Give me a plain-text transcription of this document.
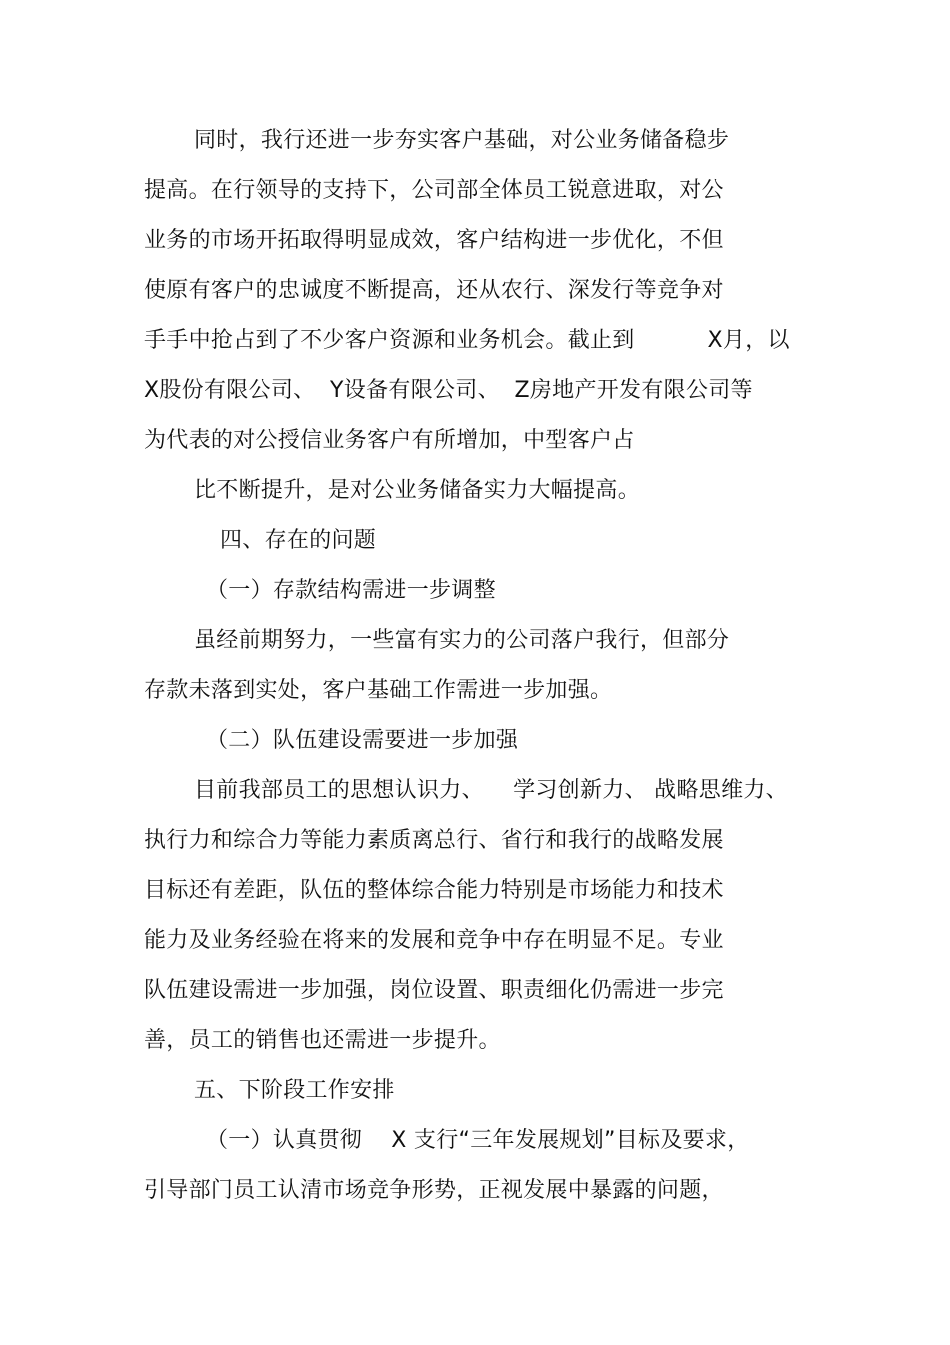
同时，我行还进一步夯实客户基础，对公业务储备稳步
提高。在行领导的支持下，公司部全体员工锐意进取，对公
业务的市场开拓取得明显成效，客户结构进一步优化，不但
使原有客户的忠诚度不断提高，还从农行、深发行等竞争对
手手中抢占到了不少客户资源和业务机会。截止到          X月，以
X股份有限公司、  Y设备有限公司、  Z房地产开发有限公司等
为代表的对公授信业务客户有所增加，中型客户占
比不断提升，是对公业务储备实力大幅提高。
四、存在的问题
（一）存款结构需进一步调整
虽经前期努力，一些富有实力的公司落户我行，但部分
存款未落到实处，客户基础工作需进一步加强。
（二）队伍建设需要进一步加强
目前我部员工的思想认识力、    学习创新力、 战略思维力、
执行力和综合力等能力素质离总行、省行和我行的战略发展
目标还有差距，队伍的整体综合能力特别是市场能力和技术
能力及业务经验在将来的发展和竞争中存在明显不足。专业
队伍建设需进一步加强，岗位设置、职责细化仍需进一步完
善，员工的销售也还需进一步提升。
五、下阶段工作安排
（一）认真贯彻    X 支行“三年发展规划”目标及要求，
引导部门员工认清市场竞争形势，正视发展中暴露的问题，
